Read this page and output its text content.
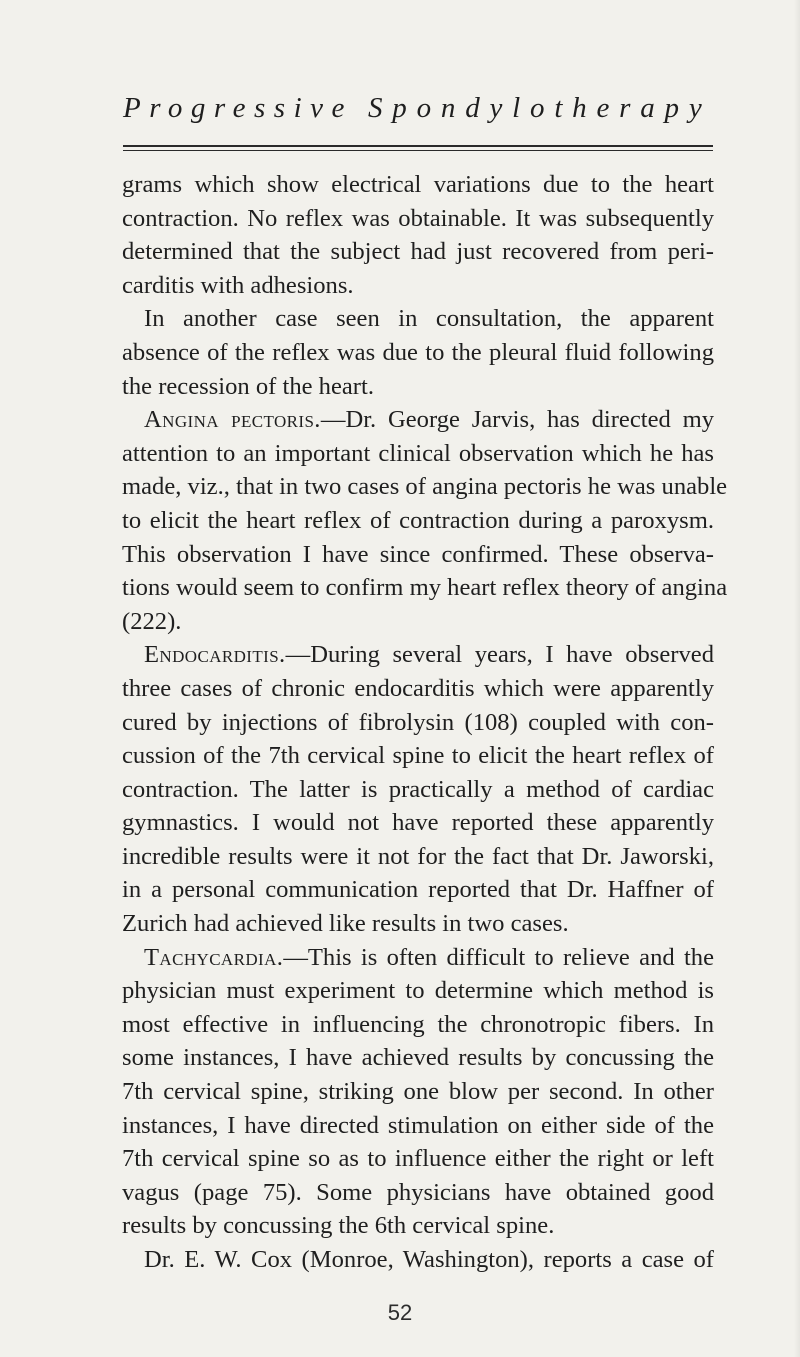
Progressive Spondylotherapy
grams which show electrical variations due to the heart
contraction. No reflex was obtainable. It was subsequently
determined that the subject had just recovered from peri-
carditis with adhesions.
In another case seen in consultation, the apparent
absence of the reflex was due to the pleural fluid following
the recession of the heart.
Angina pectoris.—Dr. George Jarvis, has directed my
attention to an important clinical observation which he has
made, viz., that in two cases of angina pectoris he was unable
to elicit the heart reflex of contraction during a paroxysm.
This observation I have since confirmed. These observa-
tions would seem to confirm my heart reflex theory of angina
(222).
Endocarditis.—During several years, I have observed
three cases of chronic endocarditis which were apparently
cured by injections of fibrolysin (108) coupled with con-
cussion of the 7th cervical spine to elicit the heart reflex of
contraction. The latter is practically a method of cardiac
gymnastics. I would not have reported these apparently
incredible results were it not for the fact that Dr. Jaworski,
in a personal communication reported that Dr. Haffner of
Zurich had achieved like results in two cases.
Tachycardia.—This is often difficult to relieve and the
physician must experiment to determine which method is
most effective in influencing the chronotropic fibers. In
some instances, I have achieved results by concussing the
7th cervical spine, striking one blow per second. In other
instances, I have directed stimulation on either side of the
7th cervical spine so as to influence either the right or left
vagus (page 75). Some physicians have obtained good
results by concussing the 6th cervical spine.
Dr. E. W. Cox (Monroe, Washington), reports a case of
52
